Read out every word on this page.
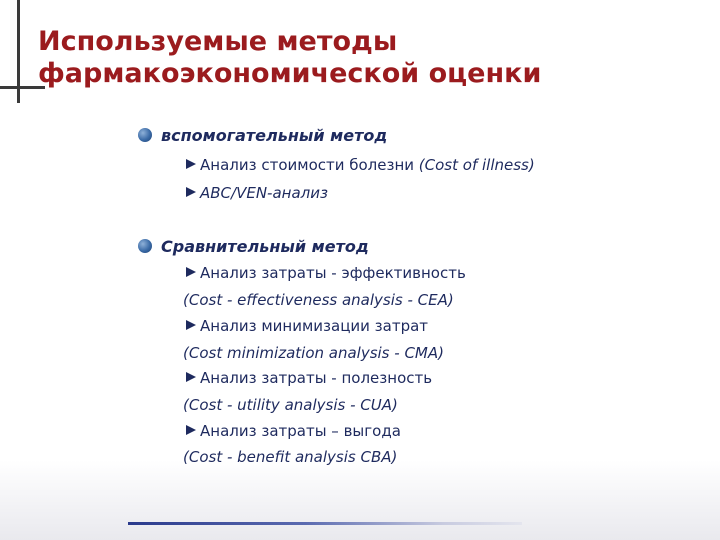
Используемые методы
фармакоэкономической оценки
вспомогательный метод
Анализ стоимости болезни (Cost of illness)
ABC/VEN-анализ
Сравнительный метод
Анализ затраты - эффективность
(Cost - effectiveness analysis - CEA)
Анализ минимизации затрат
(Cost minimization analysis - CMA)
Анализ затраты - полезность
(Cost - utility analysis - CUA)
Анализ затраты – выгода
(Cost - benefit analysis CBA)
